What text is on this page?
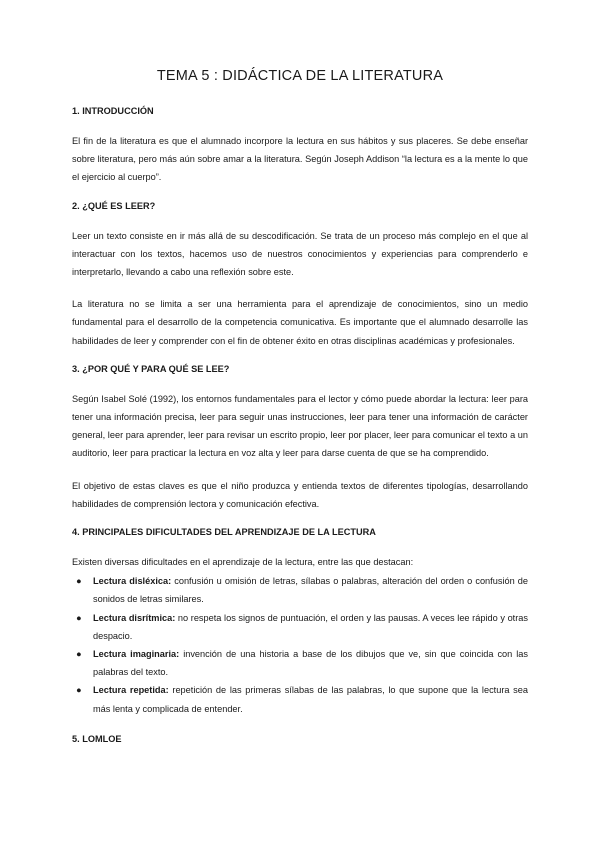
TEMA 5 : DIDÁCTICA DE LA LITERATURA
1. INTRODUCCIÓN

El fin de la literatura es que el alumnado incorpore la lectura en sus hábitos y sus placeres. Se debe enseñar sobre literatura, pero más aún sobre amar a la literatura. Según Joseph Addison “la lectura es a la mente lo que el ejercicio al cuerpo”.

2. ¿QUÉ ES LEER?

Leer un texto consiste en ir más allá de su descodificación. Se trata de un proceso más complejo en el que al interactuar con los textos, hacemos uso de nuestros conocimientos y experiencias para comprenderlo e interpretarlo, llevando a cabo una reflexión sobre este.

La literatura no se limita a ser una herramienta para el aprendizaje de conocimientos, sino un medio fundamental para el desarrollo de la competencia comunicativa. Es importante que el alumnado desarrolle las habilidades de leer y comprender con el fin de obtener éxito en otras disciplinas académicas y profesionales.

3. ¿POR QUÉ Y PARA QUÉ SE LEE?

Según Isabel Solé (1992), los entornos fundamentales para el lector y cómo puede abordar la lectura: leer para tener una información precisa, leer para seguir unas instrucciones, leer para tener una información de carácter general, leer para aprender, leer para revisar un escrito propio, leer por placer, leer para comunicar el texto a un auditorio, leer para practicar la lectura en voz alta y leer para darse cuenta de que se ha comprendido.

El objetivo de estas claves es que el niño produzca y entienda textos de diferentes tipologías, desarrollando habilidades de comprensión lectora y comunicación efectiva.

4. PRINCIPALES DIFICULTADES DEL APRENDIZAJE DE LA LECTURA

Existen diversas dificultades en el aprendizaje de la lectura, entre las que destacan:

● Lectura disléxica: confusión u omisión de letras, sílabas o palabras, alteración del orden o confusión de sonidos de letras similares.
● Lectura disrítmica: no respeta los signos de puntuación, el orden y las pausas. A veces lee rápido y otras despacio.
● Lectura imaginaria: invención de una historia a base de los dibujos que ve, sin que coincida con las palabras del texto.
● Lectura repetida: repetición de las primeras sílabas de las palabras, lo que supone que la lectura sea más lenta y complicada de entender.
5. LOMLOE
